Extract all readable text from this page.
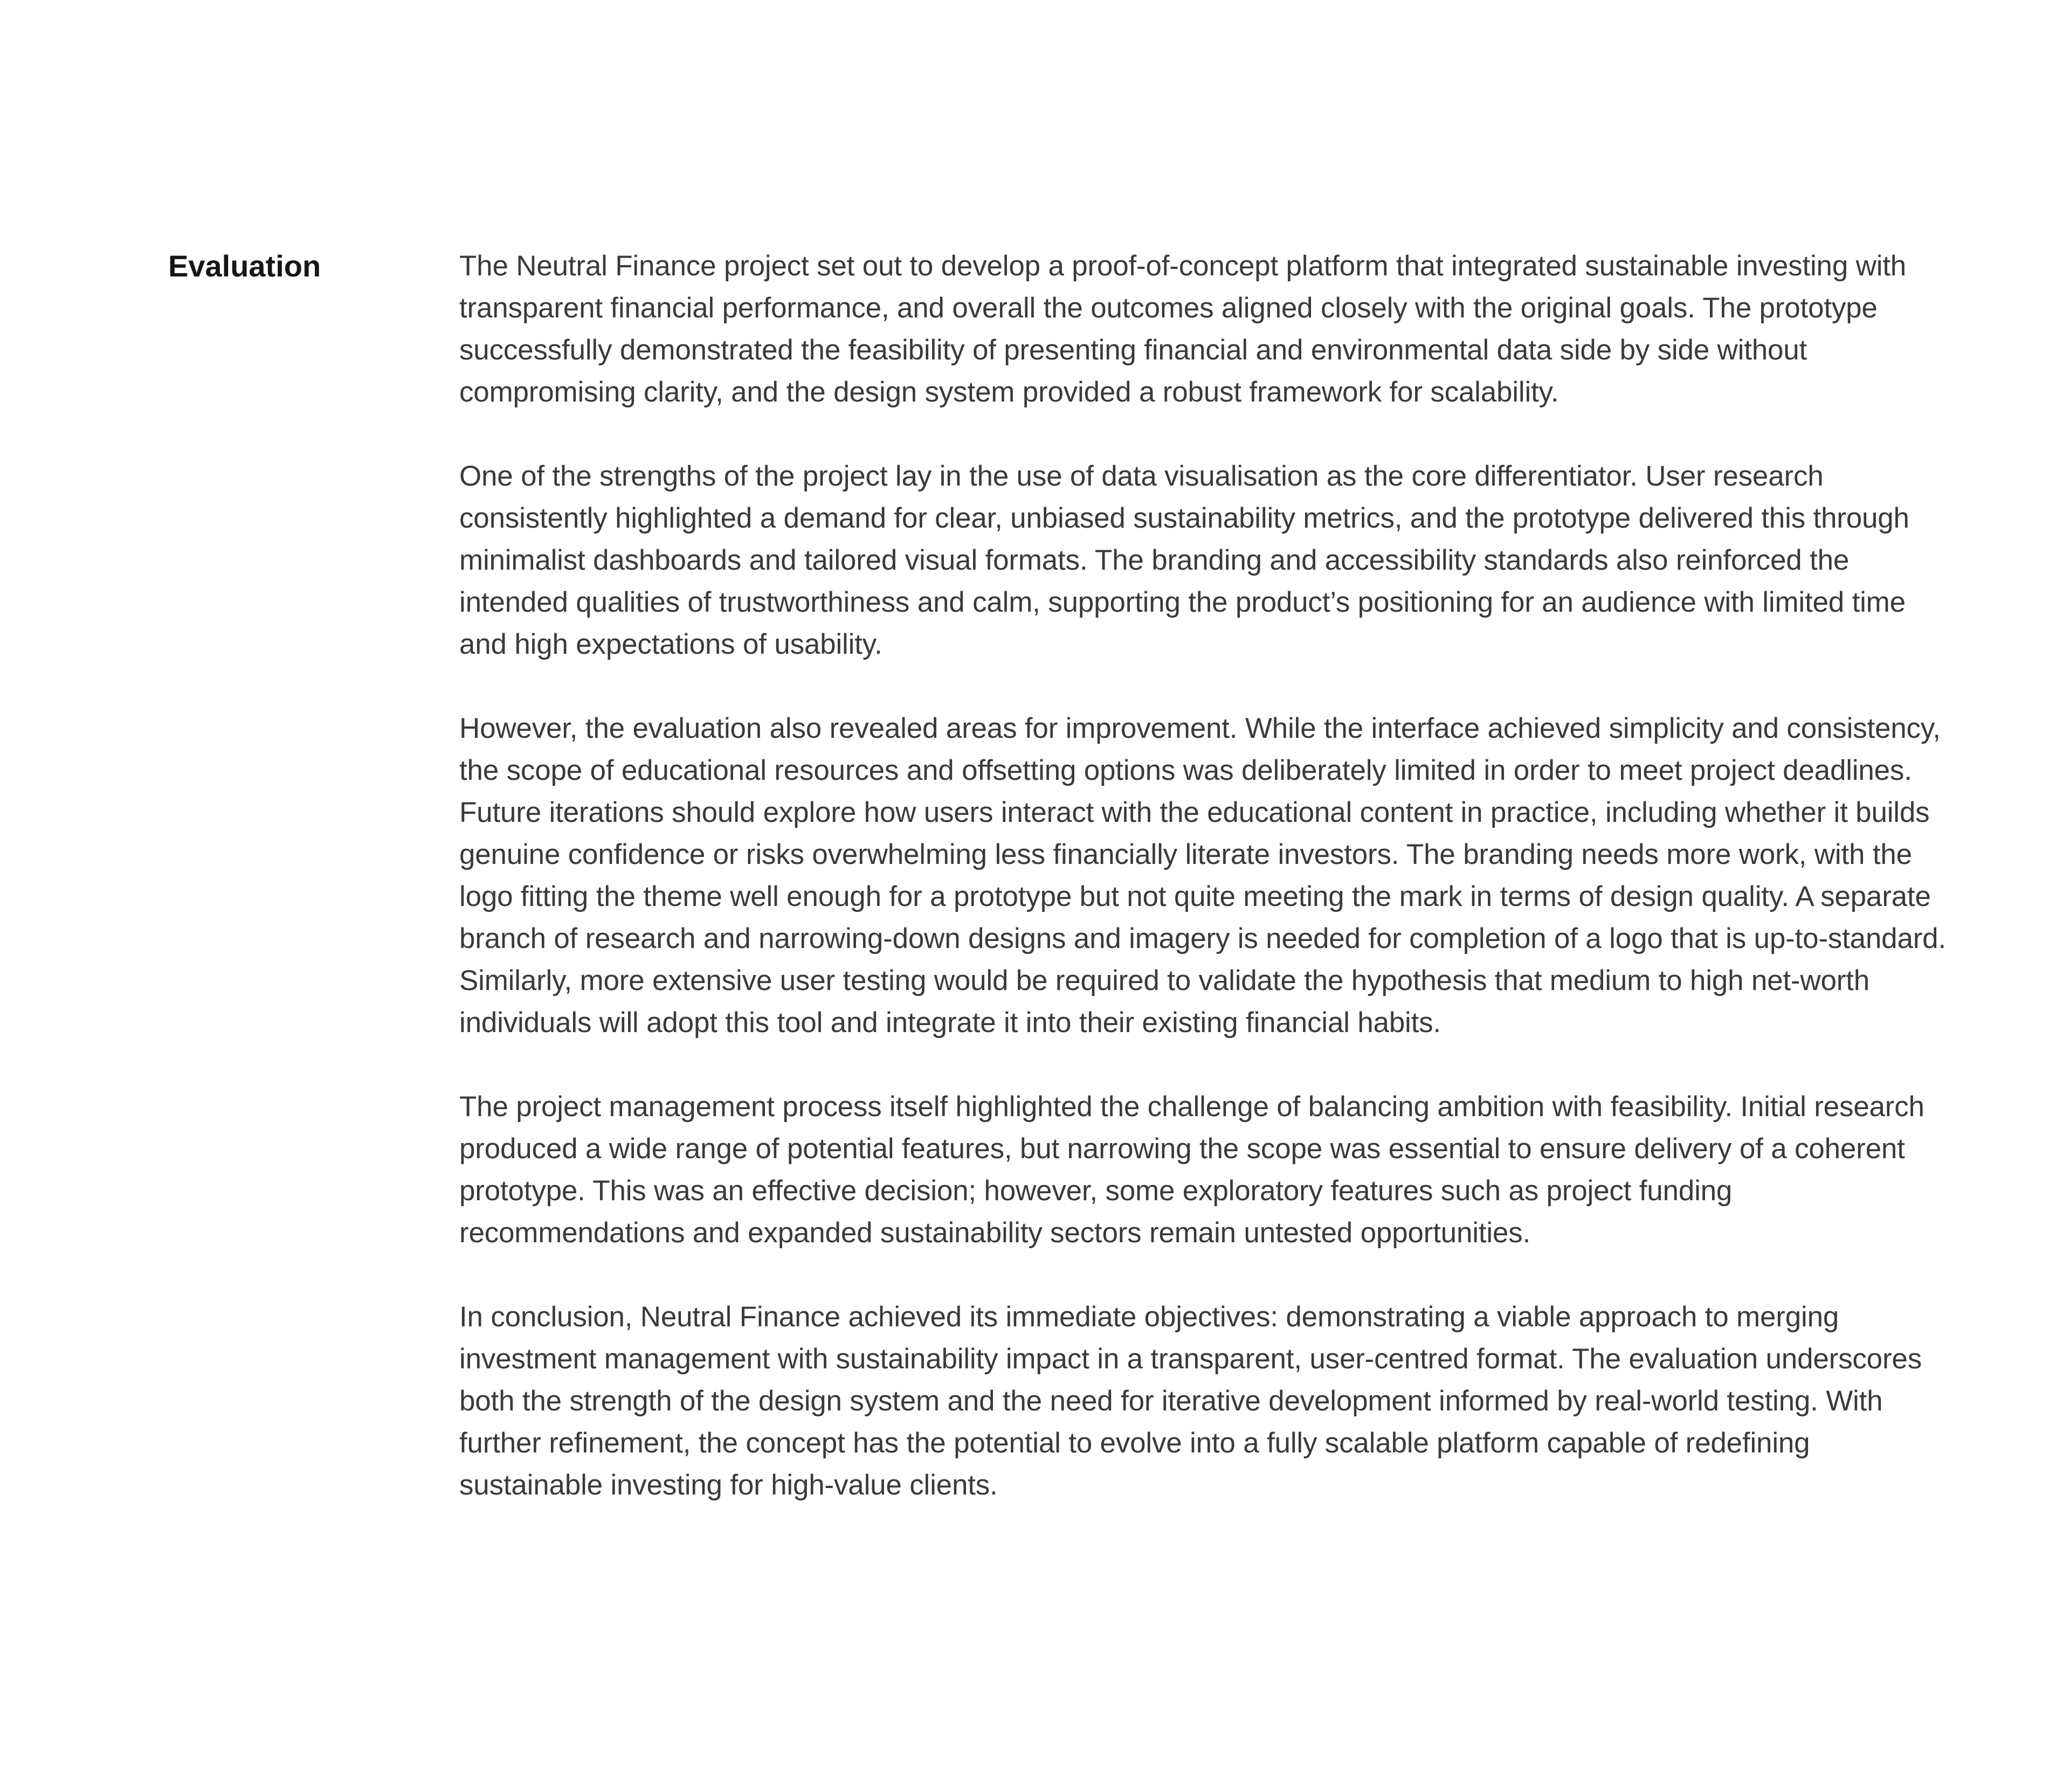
Evaluation	The Neutral Finance project set out to develop a proof-of-concept platform that integrated sustainable investing with transparent financial performance, and overall the outcomes aligned closely with the original goals. The prototype successfully demonstrated the feasibility of presenting financial and environmental data side by side without compromising clarity, and the design system provided a robust framework for scalability.

One of the strengths of the project lay in the use of data visualisation as the core differentiator. User research consistently highlighted a demand for clear, unbiased sustainability metrics, and the prototype delivered this through minimalist dashboards and tailored visual formats. The branding and accessibility standards also reinforced the intended qualities of trustworthiness and calm, supporting the product’s positioning for an audience with limited time and high expectations of usability.

However, the evaluation also revealed areas for improvement. While the interface achieved simplicity and consistency, the scope of educational resources and offsetting options was deliberately limited in order to meet project deadlines. Future iterations should explore how users interact with the educational content in practice, including whether it builds genuine confidence or risks overwhelming less financially literate investors. The branding needs more work, with the logo fitting the theme well enough for a prototype but not quite meeting the mark in terms of design quality. A separate branch of research and narrowing-down designs and imagery is needed for completion of a logo that is up-to-standard. Similarly, more extensive user testing would be required to validate the hypothesis that medium to high net-worth individuals will adopt this tool and integrate it into their existing financial habits.

The project management process itself highlighted the challenge of balancing ambition with feasibility. Initial research produced a wide range of potential features, but narrowing the scope was essential to ensure delivery of a coherent prototype. This was an effective decision; however, some exploratory features such as project funding recommendations and expanded sustainability sectors remain untested opportunities.

In conclusion, Neutral Finance achieved its immediate objectives: demonstrating a viable approach to merging investment management with sustainability impact in a transparent, user-centred format. The evaluation underscores both the strength of the design system and the need for iterative development informed by real-world testing. With further refinement, the concept has the potential to evolve into a fully scalable platform capable of redefining sustainable investing for high-value clients.
